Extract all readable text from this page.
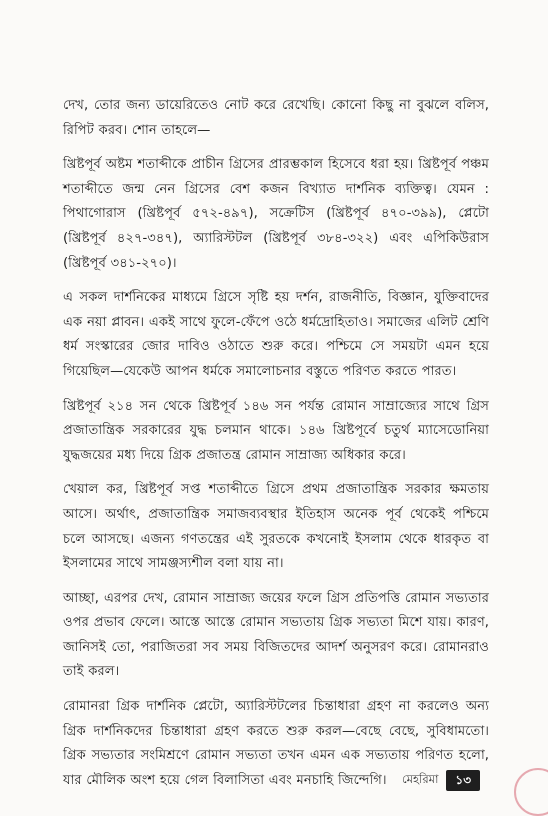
দেখ, তোর জন্য ডায়েরিতেও নোট করে রেখেছি। কোনো কিছু না বুঝলে বলিস, রিপিট করব। শোন তাহলে—

খ্রিষ্টপূর্ব অষ্টম শতাব্দীকে প্রাচীন গ্রিসের প্রারম্ভকাল হিসেবে ধরা হয়। খ্রিষ্টপূর্ব পঞ্চম শতাব্দীতে জন্ম নেন গ্রিসের বেশ কজন বিখ্যাত দার্শনিক ব্যক্তিত্ব। যেমন : পিথাগোরাস (খ্রিষ্টপূর্ব ৫৭২-৪৯৭), সক্রেটিস (খ্রিষ্টপূর্ব ৪৭০-৩৯৯), প্লেটো (খ্রিষ্টপূর্ব ৪২৭-৩৪৭), অ্যারিস্টটল (খ্রিষ্টপূর্ব ৩৮৪-৩২২) এবং এপিকিউরাস (খ্রিষ্টপূর্ব ৩৪১-২৭০)।

এ সকল দার্শনিকের মাধ্যমে গ্রিসে সৃষ্টি হয় দর্শন, রাজনীতি, বিজ্ঞান, যুক্তিবাদের এক নয়া প্লাবন। একই সাথে ফুলে-ফেঁপে ওঠে ধর্মদ্রোহিতাও। সমাজের এলিট শ্রেণি ধর্ম সংস্কারের জোর দাবিও ওঠাতে শুরু করে। পশ্চিমে সে সময়টা এমন হয়ে গিয়েছিল—যেকেউ আপন ধর্মকে সমালোচনার বস্তুতে পরিণত করতে পারত।

খ্রিষ্টপূর্ব ২১৪ সন থেকে খ্রিষ্টপূর্ব ১৪৬ সন পর্যন্ত রোমান সাম্রাজ্যের সাথে গ্রিস প্রজাতান্ত্রিক সরকারের যুদ্ধ চলমান থাকে। ১৪৬ খ্রিষ্টপূর্বে চতুর্থ ম্যাসেডোনিয়া যুদ্ধজয়ের মধ্য দিয়ে গ্রিক প্রজাতন্ত্র রোমান সাম্রাজ্য অধিকার করে।

খেয়াল কর, খ্রিষ্টপূর্ব সপ্ত শতাব্দীতে গ্রিসে প্রথম প্রজাতান্ত্রিক সরকার ক্ষমতায় আসে। অর্থাৎ, প্রজাতান্ত্রিক সমাজব্যবস্থার ইতিহাস অনেক পূর্ব থেকেই পশ্চিমে চলে আসছে। এজন্য গণতন্ত্রের এই সুরতকে কখনোই ইসলাম থেকে ধারকৃত বা ইসলামের সাথে সামঞ্জস্যশীল বলা যায় না।

আচ্ছা, এরপর দেখ, রোমান সাম্রাজ্য জয়ের ফলে গ্রিস প্রতিপত্তি রোমান সভ্যতার ওপর প্রভাব ফেলে। আস্তে আস্তে রোমান সভ্যতায় গ্রিক সভ্যতা মিশে যায়। কারণ, জানিসই তো, পরাজিতরা সব সময় বিজিতদের আদর্শ অনুসরণ করে। রোমানরাও তাই করল।

রোমানরা গ্রিক দার্শনিক প্লেটো, অ্যারিস্টটলের চিন্তাধারা গ্রহণ না করলেও অন্য গ্রিক দার্শনিকদের চিন্তাধারা গ্রহণ করতে শুরু করল—বেছে বেছে, সুবিধামতো। গ্রিক সভ্যতার সংমিশ্রণে রোমান সভ্যতা তখন এমন এক সভ্যতায় পরিণত হলো, যার মৌলিক অংশ হয়ে গেল বিলাসিতা এবং মনচাহি জিন্দেগি।	মেহরিমা	১৩
